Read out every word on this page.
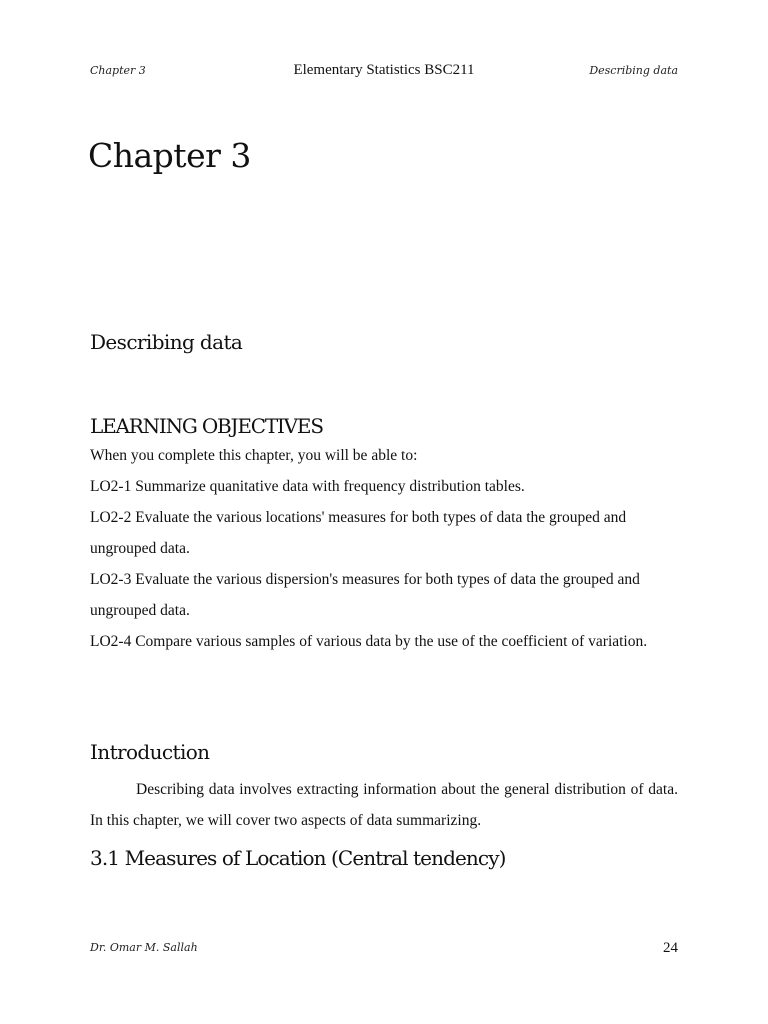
Chapter 3	Elementary Statistics BSC211	Describing data
Chapter 3
Describing data
LEARNING OBJECTIVES

When you complete this chapter, you will be able to:

LO2-1 Summarize quanitative data with frequency distribution tables.

LO2-2 Evaluate the various locations' measures for both types of data the grouped and ungrouped data.

LO2-3 Evaluate the various dispersion's measures for both types of data the grouped and ungrouped data.

LO2-4 Compare various samples of various data by the use of the coefficient of variation.

Introduction

Describing data involves extracting information about the general distribution of data. In this chapter, we will cover two aspects of data summarizing.

3.1 Measures of Location (Central tendency)
Dr. Omar M. Sallah	24
